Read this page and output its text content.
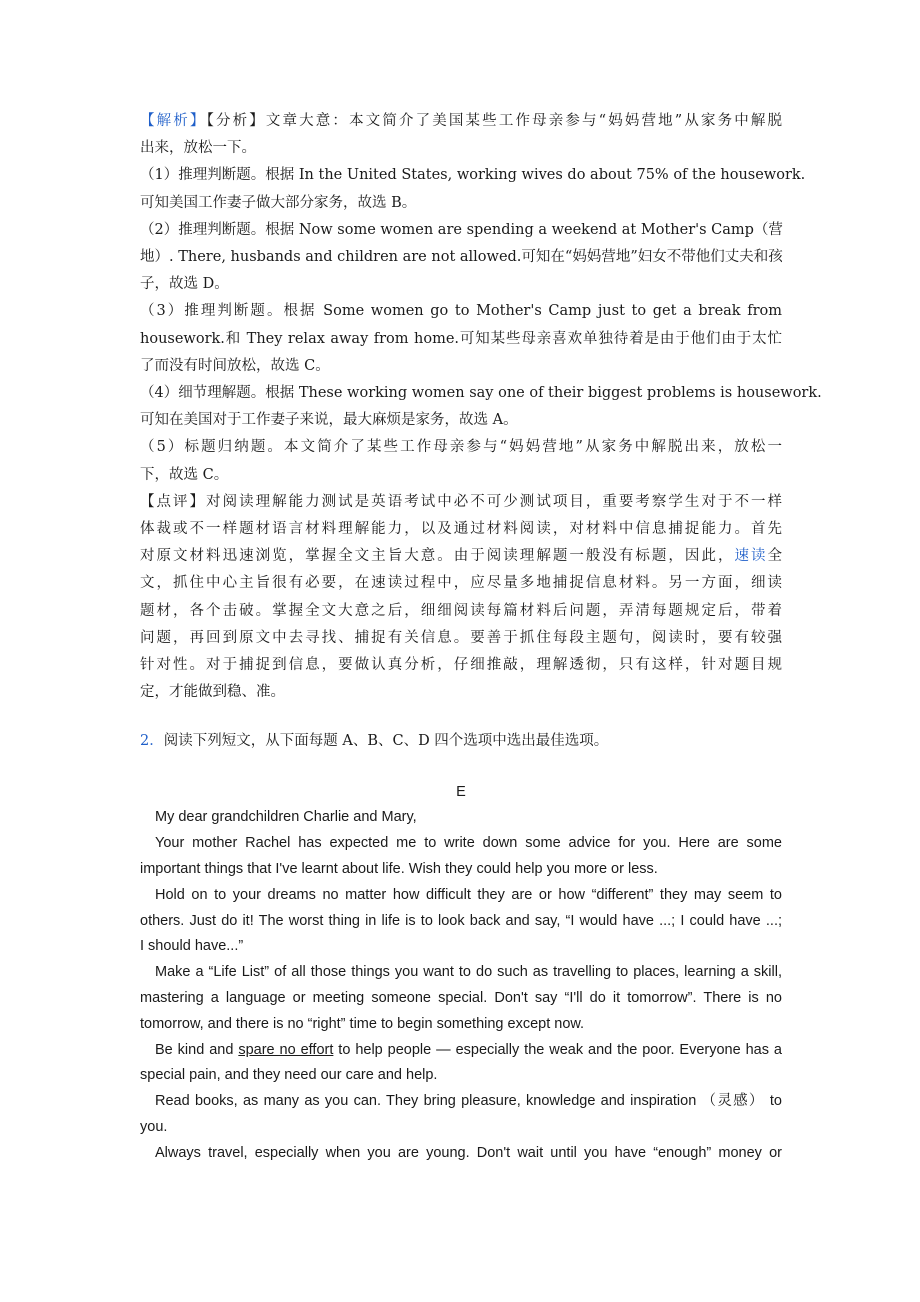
【解析】【分析】文章大意：本文简介了美国某些工作母亲参与“妈妈营地”从家务中解脱
出来，放松一下。
（1）推理判断题。根据 In the United States, working wives do about 75% of the housework.
可知美国工作妻子做大部分家务，故选 B。
（2）推理判断题。根据 Now some women are spending a weekend at Mother's Camp（营
地）. There, husbands and children are not allowed.可知在“妈妈营地”妇女不带他们丈夫和孩
子，故选 D。
（3）推理判断题。根据 Some women go to Mother's Camp just to get a break from
housework.和 They relax away from home.可知某些母亲喜欢单独待着是由于他们由于太忙
了而没有时间放松，故选 C。
（4）细节理解题。根据 These working women say one of their biggest problems is housework.
可知在美国对于工作妻子来说，最大麻烦是家务，故选 A。
（5）标题归纳题。本文简介了某些工作母亲参与“妈妈营地”从家务中解脱出来，放松一
下，故选 C。
【点评】对阅读理解能力测试是英语考试中必不可少测试项目，重要考察学生对于不一样
体裁或不一样题材语言材料理解能力，以及通过材料阅读，对材料中信息捕捉能力。首先
对原文材料迅速浏览，掌握全文主旨大意。由于阅读理解题一般没有标题，因此，速读全
文，抓住中心主旨很有必要，在速读过程中，应尽量多地捕捉信息材料。另一方面，细读
题材，各个击破。掌握全文大意之后，细细阅读每篇材料后问题，弄清每题规定后，带着
问题，再回到原文中去寻找、捕捉有关信息。要善于抓住每段主题句，阅读时，要有较强
针对性。对于捕捉到信息，要做认真分析，仔细推敲，理解透彻，只有这样，针对题目规
定，才能做到稳、准。
2．阅读下列短文，从下面每题 A、B、C、D 四个选项中选出最佳选项。
E
My dear grandchildren Charlie and Mary,
Your mother Rachel has expected me to write down some advice for you. Here are some
important things that I've learnt about life. Wish they could help you more or less.
Hold on to your dreams no matter how difficult they are or how “different” they may seem to
others. Just do it! The worst thing in life is to look back and say, “I would have ...; I could have ...;
I should have...”
Make a “Life List” of all those things you want to do such as travelling to places, learning a skill,
mastering a language or meeting someone special. Don't say “I'll do it tomorrow”. There is no
tomorrow, and there is no “right” time to begin something except now.
Be kind and spare no effort to help people — especially the weak and the poor. Everyone has a
special pain, and they need our care and help.
Read books, as many as you can. They bring pleasure, knowledge and inspiration （灵感） to
you.
Always travel, especially when you are young. Don't wait until you have “enough” money or
